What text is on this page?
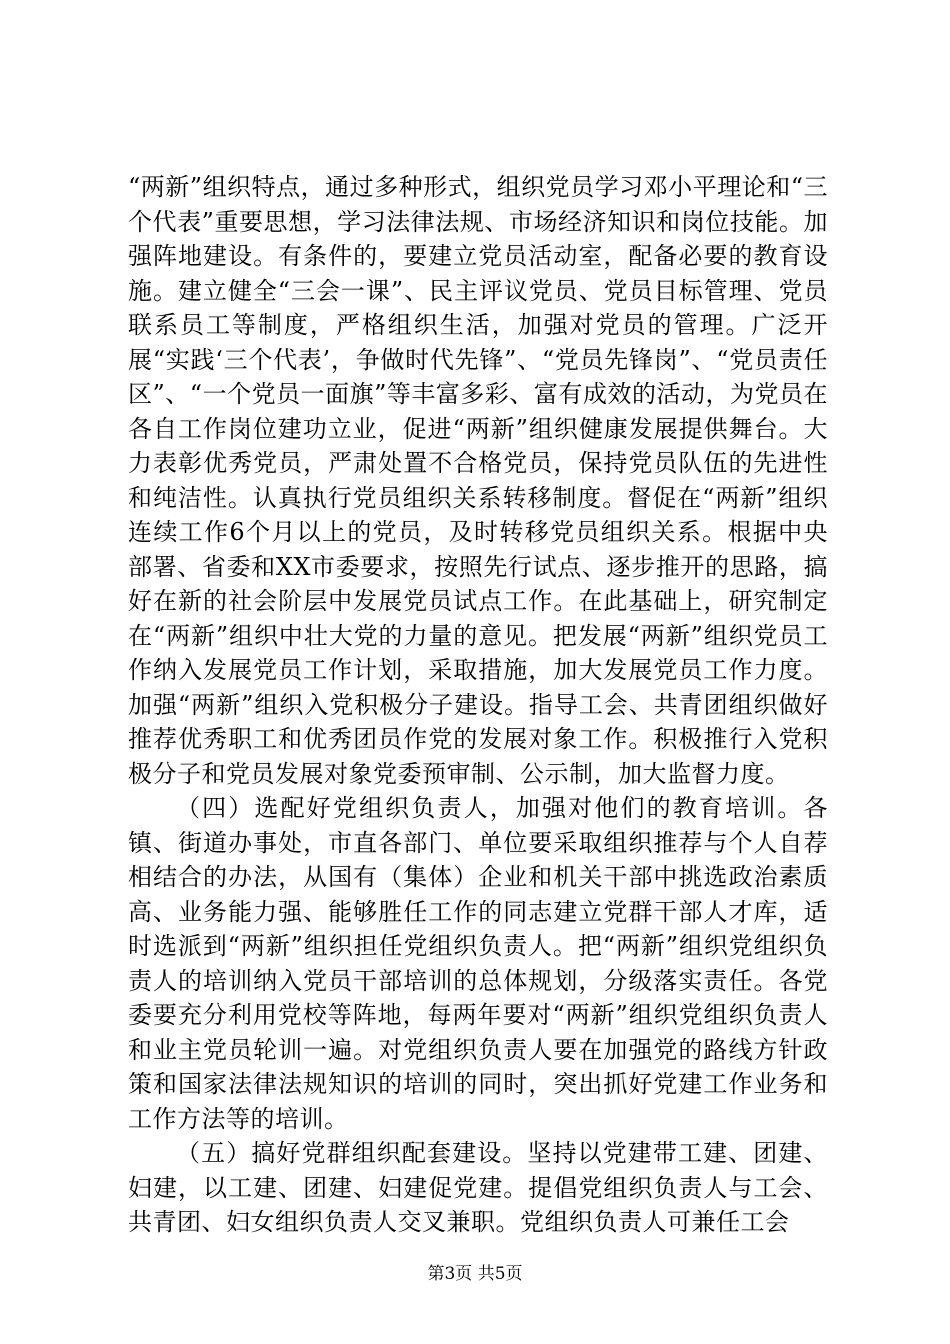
“两新”组织特点，通过多种形式，组织党员学习邓小平理论和“三个代表”重要思想，学习法律法规、市场经济知识和岗位技能。加强阵地建设。有条件的，要建立党员活动室，配备必要的教育设施。建立健全“三会一课”、民主评议党员、党员目标管理、党员联系员工等制度，严格组织生活，加强对党员的管理。广泛开展“实践‘三个代表’，争做时代先锋”、“党员先锋岗”、“党员责任区”、“一个党员一面旗”等丰富多彩、富有成效的活动，为党员在各自工作岗位建功立业，促进“两新”组织健康发展提供舞台。大力表彰优秀党员，严肃处置不合格党员，保持党员队伍的先进性和纯洁性。认真执行党员组织关系转移制度。督促在“两新”组织连续工作6个月以上的党员，及时转移党员组织关系。根据中央部署、省委和XX市委要求，按照先行试点、逐步推开的思路，搞好在新的社会阶层中发展党员试点工作。在此基础上，研究制定在“两新”组织中壮大党的力量的意见。把发展“两新”组织党员工作纳入发展党员工作计划，采取措施，加大发展党员工作力度。加强“两新”组织入党积极分子建设。指导工会、共青团组织做好推荐优秀职工和优秀团员作党的发展对象工作。积极推行入党积极分子和党员发展对象党委预审制、公示制，加大监督力度。

（四）选配好党组织负责人，加强对他们的教育培训。各镇、街道办事处，市直各部门、单位要采取组织推荐与个人自荐相结合的办法，从国有（集体）企业和机关干部中挑选政治素质高、业务能力强、能够胜任工作的同志建立党群干部人才库，适时选派到“两新”组织担任党组织负责人。把“两新”组织党组织负责人的培训纳入党员干部培训的总体规划，分级落实责任。各党委要充分利用党校等阵地，每两年要对“两新”组织党组织负责人和业主党员轮训一遍。对党组织负责人要在加强党的路线方针政策和国家法律法规知识的培训的同时，突出抓好党建工作业务和工作方法等的培训。

（五）搞好党群组织配套建设。坚持以党建带工建、团建、妇建，以工建、团建、妇建促党建。提倡党组织负责人与工会、共青团、妇女组织负责人交叉兼职。党组织负责人可兼任工会

第3页 共5页
